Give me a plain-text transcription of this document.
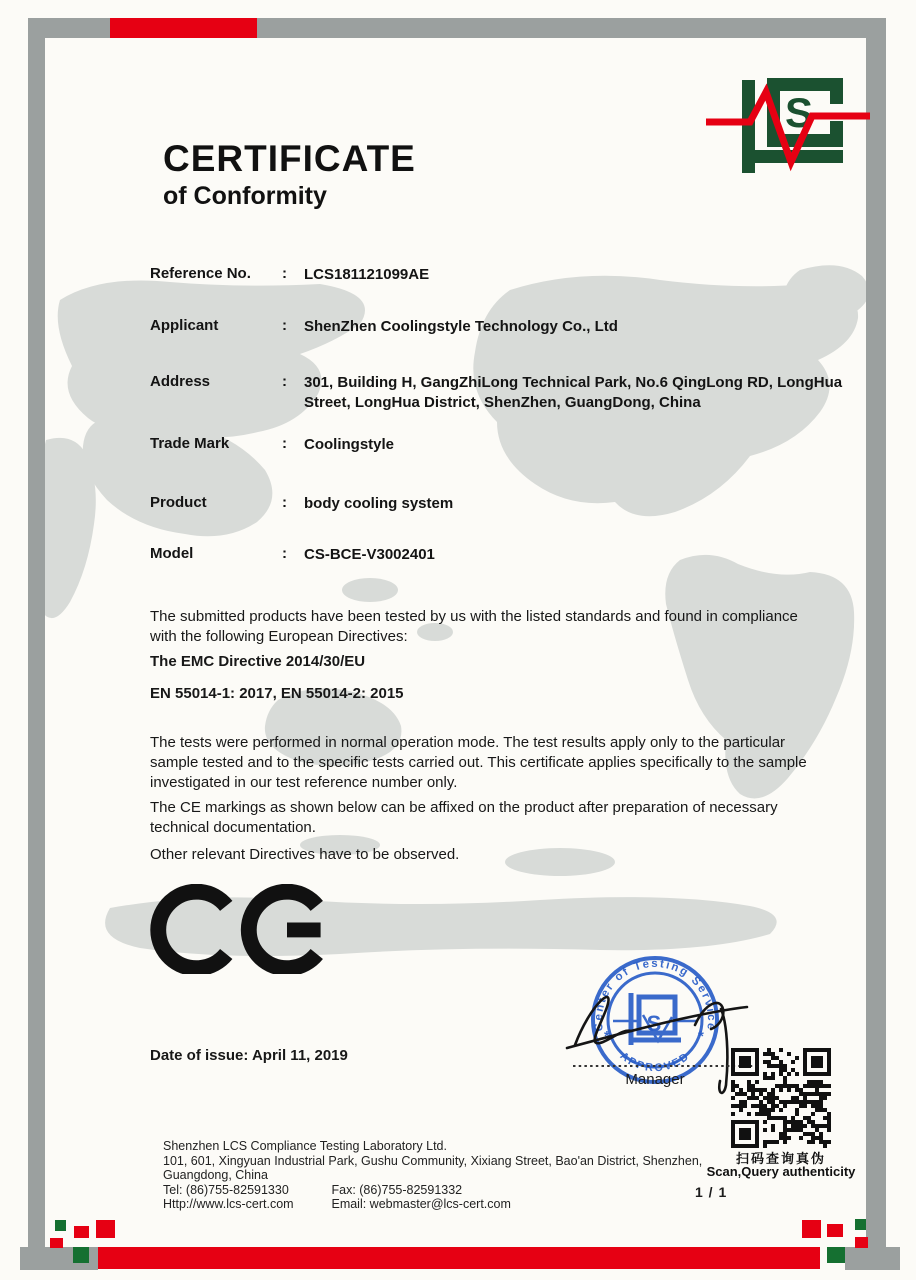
S
CERTIFICATE
of Conformity
Reference No. : LCS181121099AE
Applicant	: ShenZhen Coolingstyle Technology Co., Ltd
Address	: 301, Building H, GangZhiLong Technical Park, No.6 QingLong RD, LongHua Street, LongHua District, ShenZhen, GuangDong, China
Trade Mark	: Coolingstyle
Product	: body cooling system
Model	: CS-BCE-V3002401
The submitted products have been tested by us with the listed standards and found in compliance with the following European Directives:
The EMC Directive 2014/30/EU
EN 55014-1: 2017, EN 55014-2: 2015
The tests were performed in normal operation mode. The test results apply only to the particular sample tested and to the specific tests carried out. This certificate applies specifically to the sample investigated in our test reference number only.
The CE markings as shown below can be affixed on the product after preparation of necessary technical documentation.
Other relevant Directives have to be observed.
Center of Testing Service
APPROVED
*	*
S
Manager
Date of issue: April 11, 2019
扫码查询真伪
Scan,Query authenticity
Shenzhen LCS Compliance Testing Laboratory Ltd.
101, 601, Xingyuan Industrial Park, Gushu Community, Xixiang Street, Bao'an District, Shenzhen,
Guangdong, China
Tel: (86)755-82591330	Fax: (86)755-82591332
Http://www.lcs-cert.com	Email: webmaster@lcs-cert.com
1 / 1
